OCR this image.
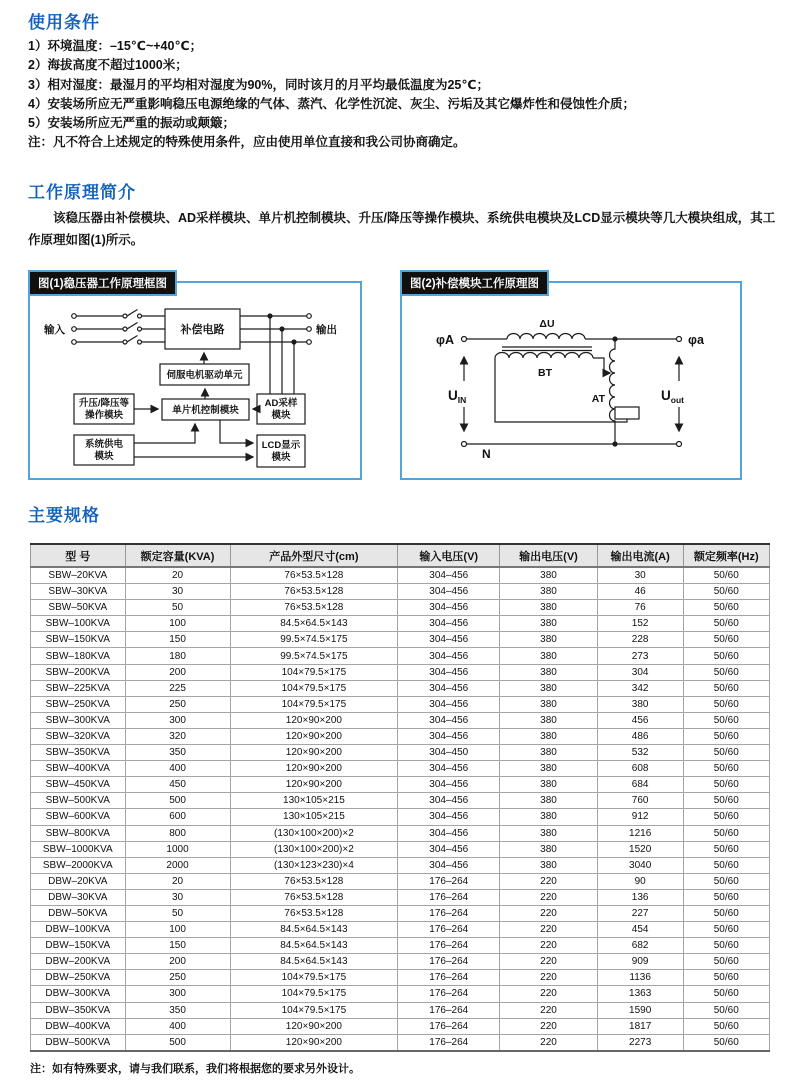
使用条件
1）环境温度：–15℃~+40℃；
2）海拔高度不超过1000米；
3）相对湿度：最湿月的平均相对湿度为90%，同时该月的月平均最低温度为25℃；
4）安装场所应无严重影响稳压电源绝缘的气体、蒸汽、化学性沉淀、灰尘、污垢及其它爆炸性和侵蚀性介质；
5）安装场所应无严重的振动或颠簸；
注：凡不符合上述规定的特殊使用条件，应由使用单位直接和我公司协商确定。
工作原理简介

该稳压器由补偿模块、AD采样模块、单片机控制模块、升压/降压等操作模块、系统供电模块及LCD显示模块等几大模块组成，其工作原理如图(1)所示。

图(1)稳压器工作原理框图
输入	输出
补偿电路
伺服电机驱动单元
单片机控制模块
升压/降压等
操作模块
AD采样
模块
系统供电
模块
LCD显示
模块
图(2)补偿模块工作原理图
φA	φa
ΔU
BT
AT
N
$U_{IN}$	$U_{out}$
主要规格
型 号	额定容量(KVA)	产品外型尺寸(cm)	输入电压(V)	输出电压(V)	输出电流(A)	额定频率(Hz)
SBW–20KVA	20	76×53.5×128	304–456	380	30	50/60
SBW–30KVA	30	76×53.5×128	304–456	380	46	50/60
SBW–50KVA	50	76×53.5×128	304–456	380	76	50/60
SBW–100KVA	100	84.5×64.5×143	304–456	380	152	50/60
SBW–150KVA	150	99.5×74.5×175	304–456	380	228	50/60
SBW–180KVA	180	99.5×74.5×175	304–456	380	273	50/60
SBW–200KVA	200	104×79.5×175	304–456	380	304	50/60
SBW–225KVA	225	104×79.5×175	304–456	380	342	50/60
SBW–250KVA	250	104×79.5×175	304–456	380	380	50/60
SBW–300KVA	300	120×90×200	304–456	380	456	50/60
SBW–320KVA	320	120×90×200	304–456	380	486	50/60
SBW–350KVA	350	120×90×200	304–450	380	532	50/60
SBW–400KVA	400	120×90×200	304–456	380	608	50/60
SBW–450KVA	450	120×90×200	304–456	380	684	50/60
SBW–500KVA	500	130×105×215	304–456	380	760	50/60
SBW–600KVA	600	130×105×215	304–456	380	912	50/60
SBW–800KVA	800	(130×100×200)×2	304–456	380	1216	50/60
SBW–1000KVA	1000	(130×100×200)×2	304–456	380	1520	50/60
SBW–2000KVA	2000	(130×123×230)×4	304–456	380	3040	50/60
DBW–20KVA	20	76×53.5×128	176–264	220	90	50/60
DBW–30KVA	30	76×53.5×128	176–264	220	136	50/60
DBW–50KVA	50	76×53.5×128	176–264	220	227	50/60
DBW–100KVA	100	84.5×64.5×143	176–264	220	454	50/60
DBW–150KVA	150	84.5×64.5×143	176–264	220	682	50/60
DBW–200KVA	200	84.5×64.5×143	176–264	220	909	50/60
DBW–250KVA	250	104×79.5×175	176–264	220	1136	50/60
DBW–300KVA	300	104×79.5×175	176–264	220	1363	50/60
DBW–350KVA	350	104×79.5×175	176–264	220	1590	50/60
DBW–400KVA	400	120×90×200	176–264	220	1817	50/60
DBW–500KVA	500	120×90×200	176–264	220	2273	50/60

注：如有特殊要求，请与我们联系，我们将根据您的要求另外设计。
